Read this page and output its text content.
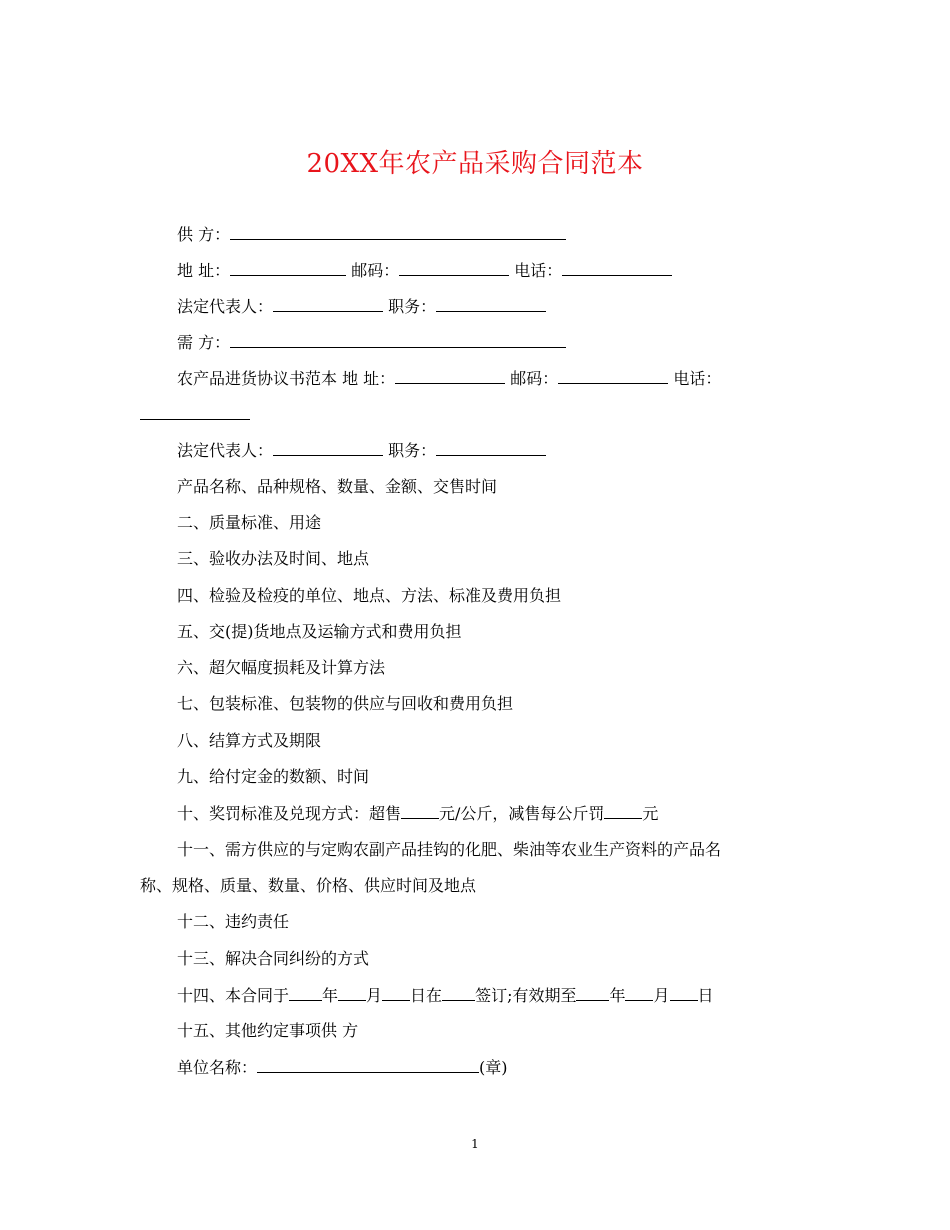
20XX年农产品采购合同范本
供 方：
地 址：	邮码：	电话：
法定代表人：	职务：
需 方：
农产品进货协议书范本 地 址：	邮码：	电话：
法定代表人：	职务：
产品名称、品种规格、数量、金额、交售时间
二、质量标准、用途
三、验收办法及时间、地点
四、检验及检疫的单位、地点、方法、标准及费用负担
五、交(提)货地点及运输方式和费用负担
六、超欠幅度损耗及计算方法
七、包装标准、包装物的供应与回收和费用负担
八、结算方式及期限
九、给付定金的数额、时间
十、奖罚标准及兑现方式：超售 元/公斤，减售每公斤罚 元
十一、需方供应的与定购农副产品挂钩的化肥、柴油等农业生产资料的产品名
称、规格、质量、数量、价格、供应时间及地点
十二、违约责任
十三、解决合同纠纷的方式
十四、本合同于 年 月 日在 签订;有效期至 年 月 日
十五、其他约定事项供 方
单位名称：	(章)
1
